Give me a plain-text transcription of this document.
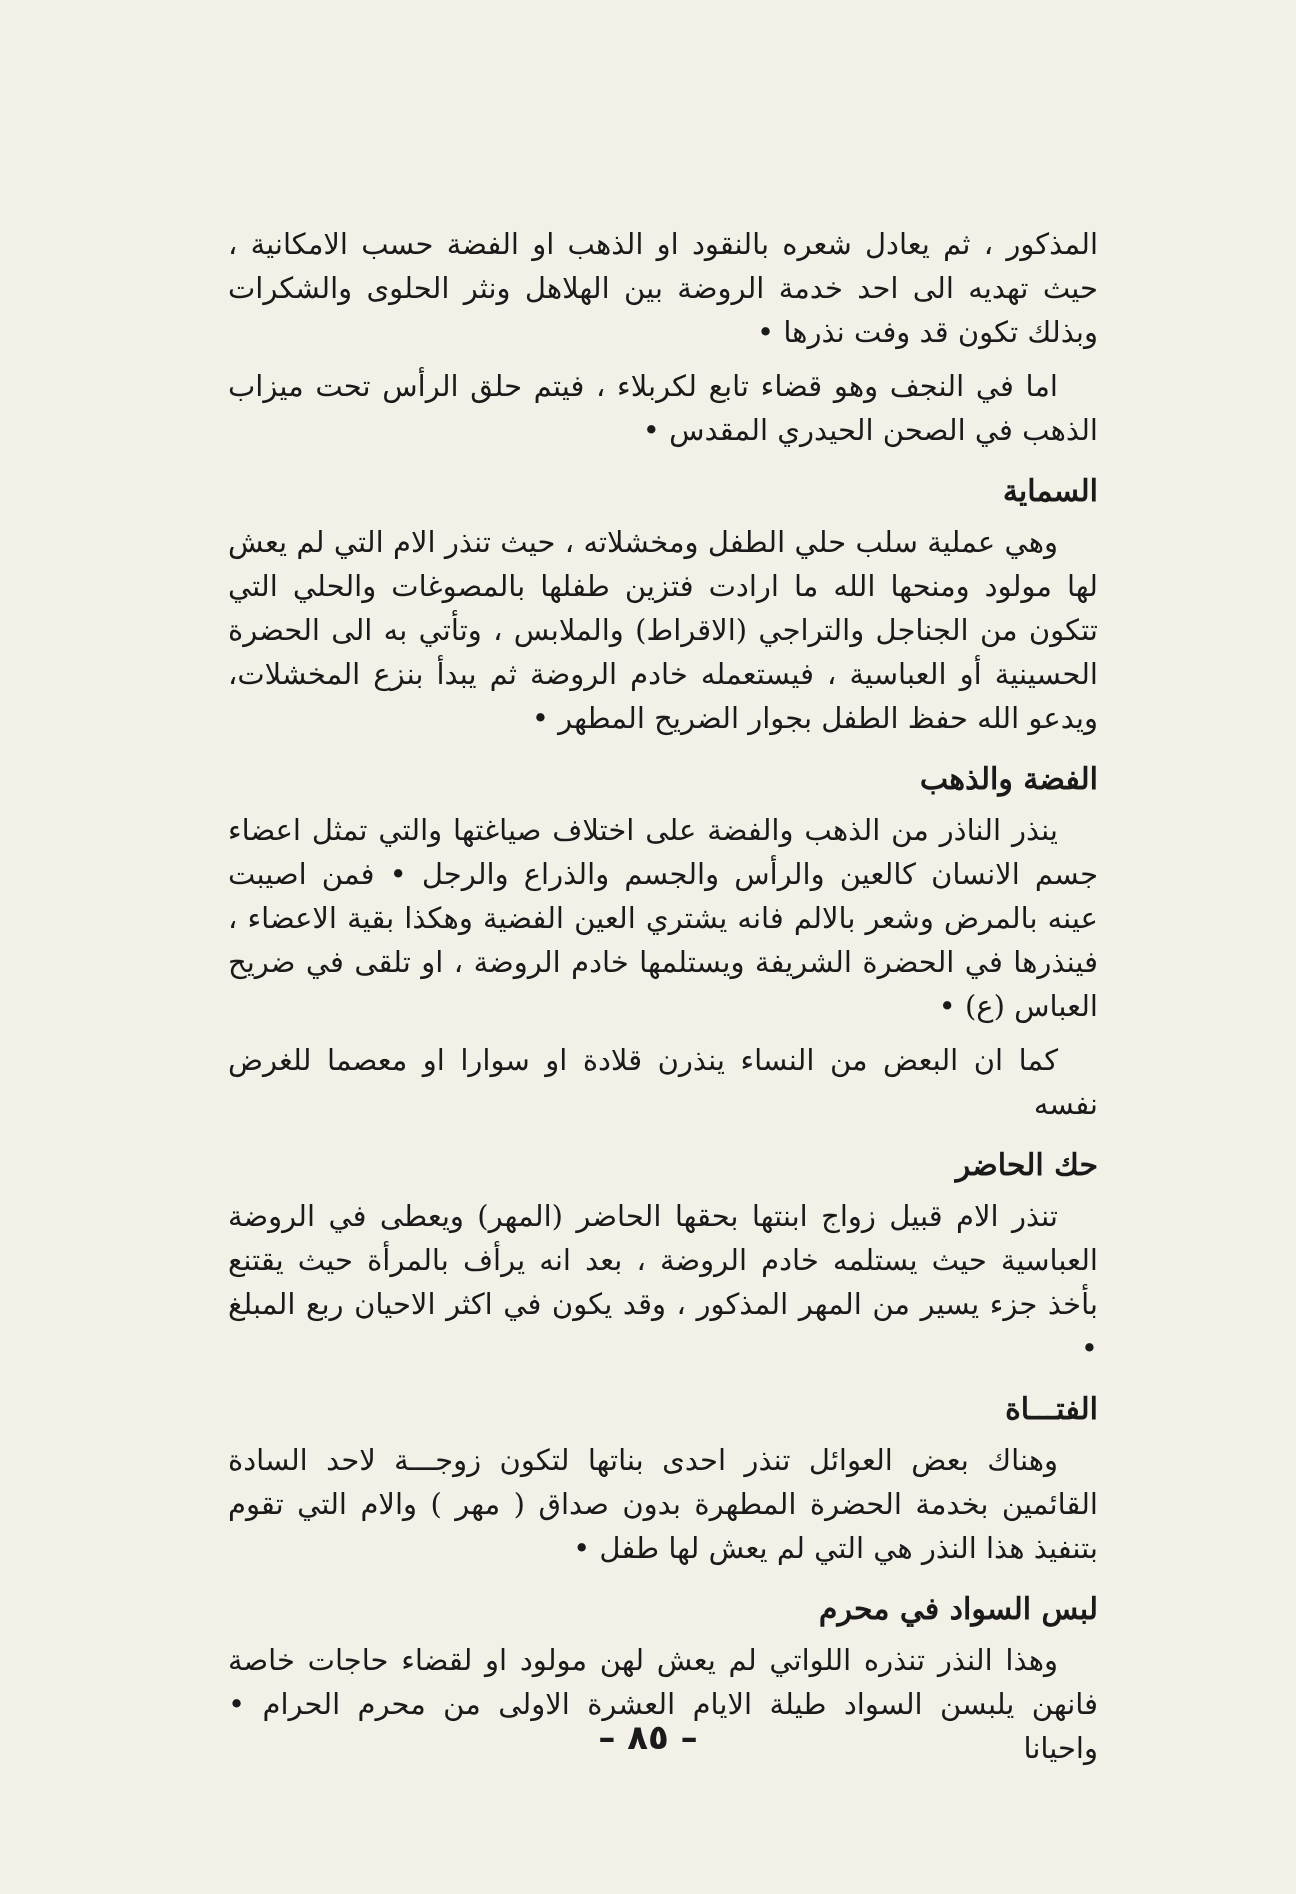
المذكور ، ثم يعادل شعره بالنقود او الذهب او الفضة حسب الامكانية ، حيث تهديه الى احد خدمة الروضة بين الهلاهل ونثر الحلوى والشكرات وبذلك تكون قد وفت نذرها •

اما في النجف وهو قضاء تابع لكربلاء ، فيتم حلق الرأس تحت ميزاب الذهب في الصحن الحيدري المقدس •

السماية

وهي عملية سلب حلي الطفل ومخشلاته ، حيث تنذر الام التي لم يعش لها مولود ومنحها الله ما ارادت فتزين طفلها بالمصوغات والحلي التي تتكون من الجناجل والتراجي (الاقراط) والملابس ، وتأتي به الى الحضرة الحسينية أو العباسية ، فيستعمله خادم الروضة ثم يبدأ بنزع المخشلات، ويدعو الله حفظ الطفل بجوار الضريح المطهر •

الفضة والذهب

ينذر الناذر من الذهب والفضة على اختلاف صياغتها والتي تمثل اعضاء جسم الانسان كالعين والرأس والجسم والذراع والرجل • فمن اصيبت عينه بالمرض وشعر بالالم فانه يشتري العين الفضية وهكذا بقية الاعضاء ، فينذرها في الحضرة الشريفة ويستلمها خادم الروضة ، او تلقى في ضريح العباس (ع) •

كما ان البعض من النساء ينذرن قلادة او سوارا او معصما للغرض نفسه

حك الحاضر

تنذر الام قبيل زواج ابنتها بحقها الحاضر (المهر) ويعطى في الروضة العباسية حيث يستلمه خادم الروضة ، بعد انه يرأف بالمرأة حيث يقتنع بأخذ جزء يسير من المهر المذكور ، وقد يكون في اكثر الاحيان ربع المبلغ •

الفتـــاة

وهناك بعض العوائل تنذر احدى بناتها لتكون زوجـــة لاحد السادة القائمين بخدمة الحضرة المطهرة بدون صداق ( مهر ) والام التي تقوم بتنفيذ هذا النذر هي التي لم يعش لها طفل •

لبس السواد في محرم

وهذا النذر تنذره اللواتي لم يعش لهن مولود او لقضاء حاجات خاصة فانهن يلبسن السواد طيلة الايام العشرة الاولى من محرم الحرام • واحيانا

– ٨٥ –
